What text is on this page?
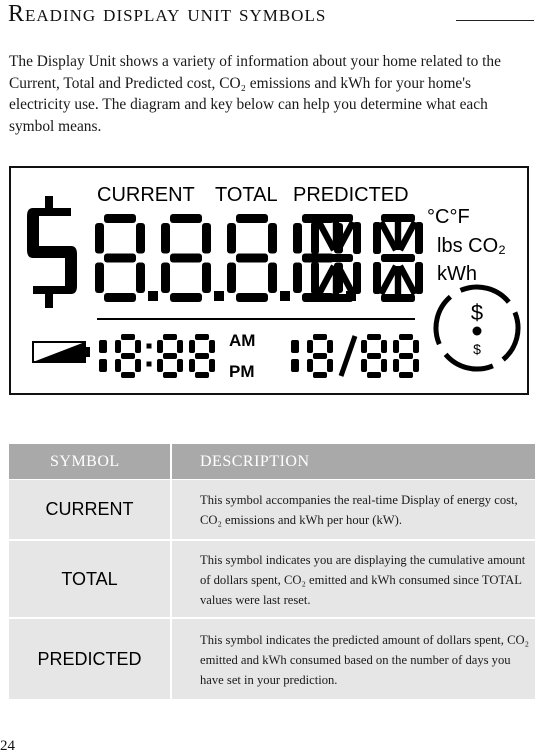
Reading display unit symbols

The Display Unit shows a variety of information about your home related to the Current, Total and Predicted cost, CO₂ emissions and kWh for your home's electricity use. The diagram and key below can help you determine what each symbol means.

CURRENT TOTAL PREDICTED
°C°F
lbs CO₂
kWh
AM
PM
$
$
SYMBOL	DESCRIPTION
CURRENT	This symbol accompanies the real-time Display of energy cost, CO₂ emissions and kWh per hour (kW).

TOTAL

This symbol indicates you are displaying the cumulative amount of dollars spent, CO₂ emitted and kWh consumed since TOTAL values were last reset.

PREDICTED

This symbol indicates the predicted amount of dollars spent, CO₂ emitted and kWh consumed based on the number of days you have set in your prediction.

24
